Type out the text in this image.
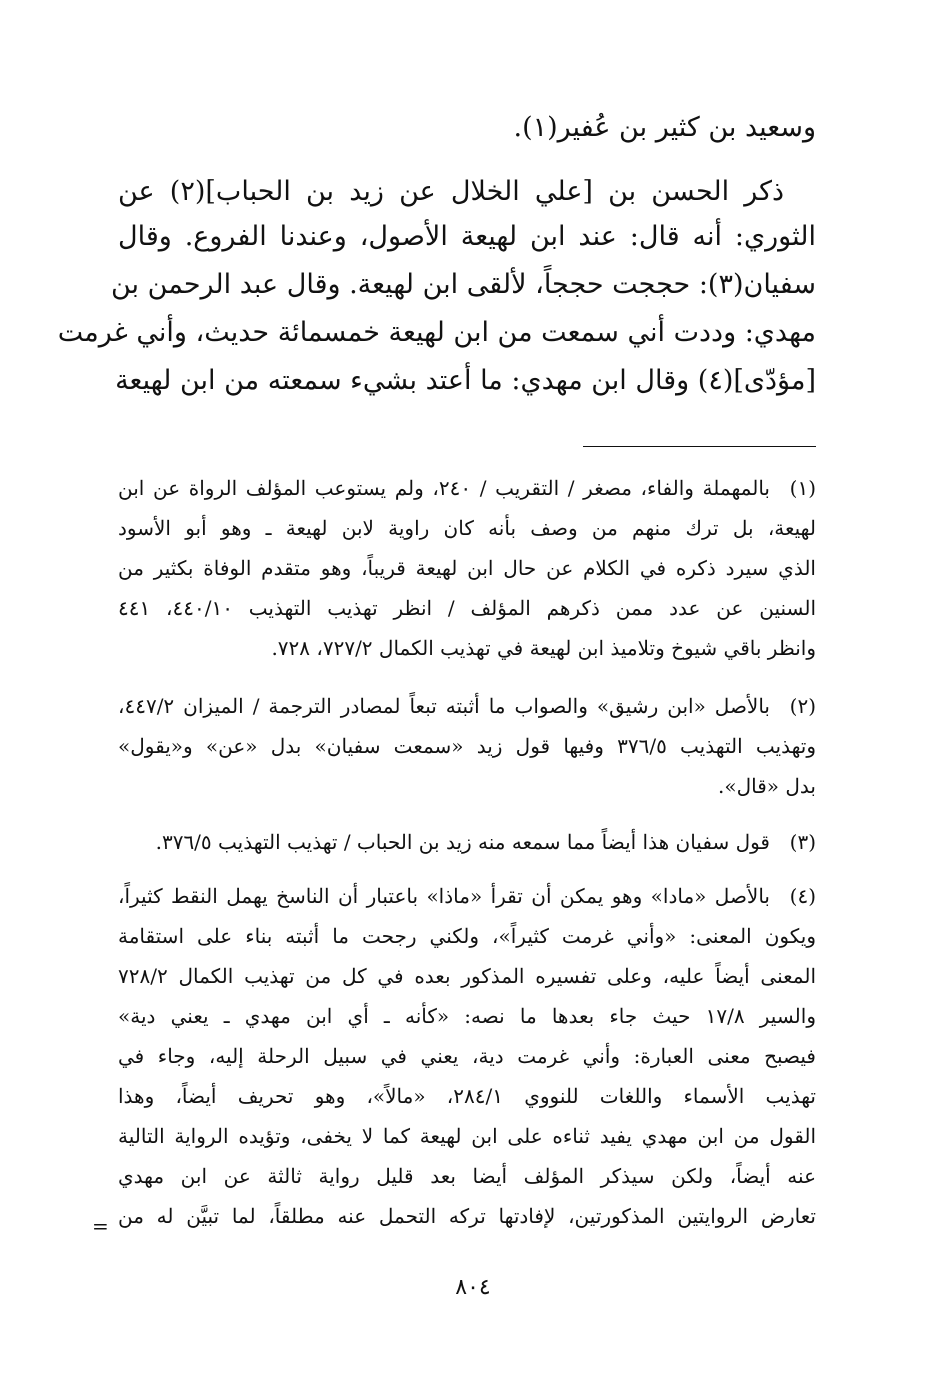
وسعيد بن كثير بن عُفير(١).
ذكر الحسن بن [علي الخلال عن زيد بن الحباب](٢) عن
الثوري: أنه قال: عند ابن لهيعة الأصول، وعندنا الفروع. وقال
سفيان(٣): حججت حججاً، لألقى ابن لهيعة. وقال عبد الرحمن بن
مهدي: وددت أني سمعت من ابن لهيعة خمسمائة حديث، وأني غرمت
[مؤدّى](٤) وقال ابن مهدي: ما أعتد بشيء سمعته من ابن لهيعة
(١)
بالمهملة والفاء، مصغر / التقريب / ٢٤٠، ولم يستوعب المؤلف الرواة عن ابن
لهيعة، بل ترك منهم من وصف بأنه كان راوية لابن لهيعة ـ وهو أبو الأسود
الذي سيرد ذكره في الكلام عن حال ابن لهيعة قريباً، وهو متقدم الوفاة بكثير من
السنين عن عدد ممن ذكرهم المؤلف / انظر تهذيب التهذيب ٤٤٠/١٠، ٤٤١
وانظر باقي شيوخ وتلاميذ ابن لهيعة في تهذيب الكمال ٧٢٧/٢، ٧٢٨.
(٢)
بالأصل «ابن رشيق» والصواب ما أثبته تبعاً لمصادر الترجمة / الميزان ٤٤٧/٢،
وتهذيب التهذيب ٣٧٦/٥ وفيها قول زيد «سمعت سفيان» بدل «عن» و«يقول»
بدل «قال».
(٣)
قول سفيان هذا أيضاً مما سمعه منه زيد بن الحباب / تهذيب التهذيب ٣٧٦/٥.
(٤)
بالأصل «مادا» وهو يمكن أن تقرأ «ماذا» باعتبار أن الناسخ يهمل النقط كثيراً،
ويكون المعنى: «وأني غرمت كثيراً»، ولكني رجحت ما أثبته بناء على استقامة
المعنى أيضاً عليه، وعلى تفسيره المذكور بعده في كل من تهذيب الكمال ٧٢٨/٢
والسير ١٧/٨ حيث جاء بعدها ما نصه: «كأنه ـ أي ابن مهدي ـ يعني دية»
فيصبح معنى العبارة: وأني غرمت دية، يعني في سبيل الرحلة إليه، وجاء في
تهذيب الأسماء واللغات للنووي ٢٨٤/١، «مالاً»، وهو تحريف أيضاً، وهذا
القول من ابن مهدي يفيد ثناءه على ابن لهيعة كما لا يخفى، وتؤيده الرواية التالية
عنه أيضاً، ولكن سيذكر المؤلف أيضا بعد قليل رواية ثالثة عن ابن مهدي
تعارض الروايتين المذكورتين، لإفادتها تركه التحمل عنه مطلقاً، لما تبيَّن له من
=
٨٠٤
